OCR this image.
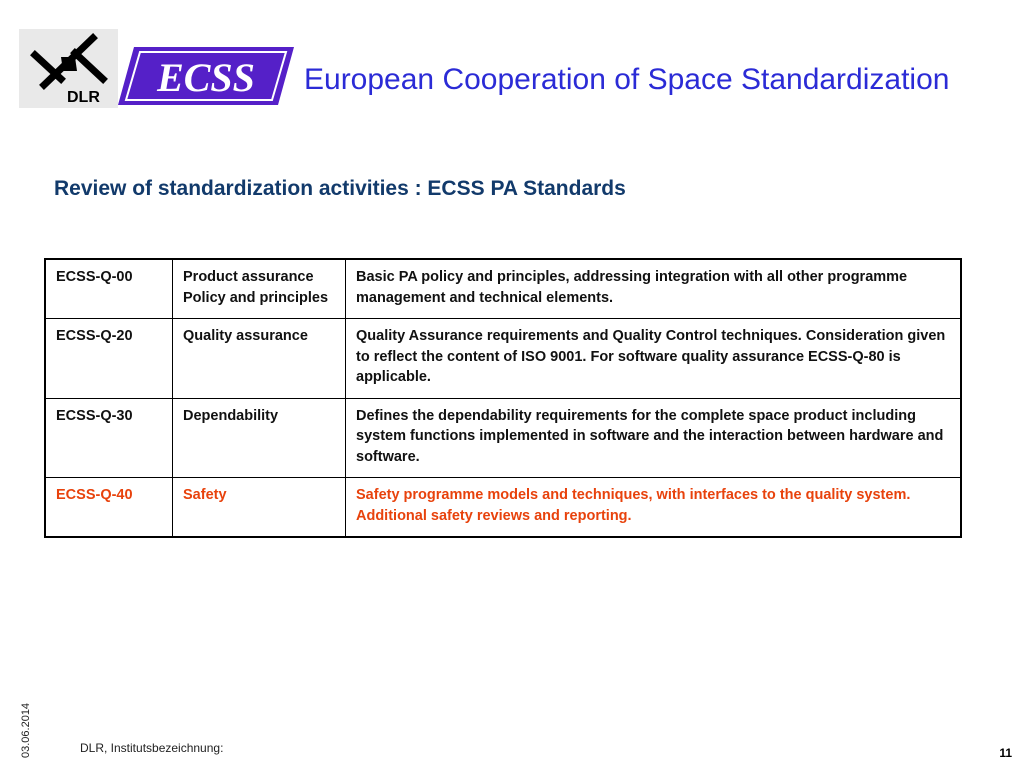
DLR ECSS European Cooperation of Space Standardization
Review of standardization activities : ECSS PA Standards
ECSS-Q-00	Product assurance Policy and principles	Basic PA policy and principles, addressing integration with all other programme management and technical elements.
ECSS-Q-20	Quality assurance	Quality Assurance requirements and Quality Control techniques. Consideration given to reflect the content of ISO 9001. For software quality assurance ECSS-Q-80 is applicable.
ECSS-Q-30	Dependability	Defines the dependability requirements for the complete space product including system functions implemented in software and the interaction between hardware and software.
ECSS-Q-40	Safety	Safety programme models and techniques, with interfaces to the quality system. Additional safety reviews and reporting.
03.06.2014	DLR, Institutsbezeichnung:	11
